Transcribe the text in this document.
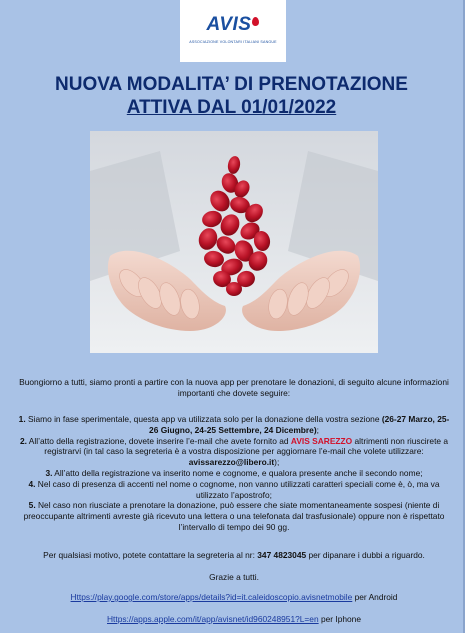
AVIS
ASSOCIAZIONE VOLONTARI ITALIANI SANGUE
NUOVA MODALITA’ DI PRENOTAZIONE
ATTIVA DAL 01/01/2022
Buongiorno a tutti, siamo pronti a partire con la nuova app per prenotare le donazioni, di seguito alcune informazioni importanti che dovete seguire:
1. Siamo in fase sperimentale, questa app va utilizzata solo per la donazione della vostra sezione (26-27 Marzo, 25-26 Giugno, 24-25 Settembre, 24 Dicembre);
2. All’atto della registrazione, dovete inserire l’e-mail che avete fornito ad AVIS SAREZZO altrimenti non riuscirete a registrarvi (in tal caso la segreteria è a vostra disposizione per aggiornare l’e-mail che volete utilizzare: avissarezzo@libero.it);
3. All’atto della registrazione va inserito nome e cognome, e qualora presente anche il secondo nome;
4. Nel caso di presenza di accenti nel nome o cognome, non vanno utilizzati caratteri speciali come è, ò, ma va utilizzato l’apostrofo;
5. Nel caso non riusciate a prenotare la donazione, può essere che siate momentaneamente sospesi (niente di preoccupante altrimenti avreste già ricevuto una lettera o una telefonata dal trasfusionale) oppure non è rispettato l’intervallo di tempo dei 90 gg.
Per qualsiasi motivo, potete contattare la segreteria al nr: 347 4823045 per dipanare i dubbi a riguardo.
Grazie a tutti.
Https://play.google.com/store/apps/details?id=it.caleidoscopio.avisnetmobile per Android
Https://apps.apple.com/it/app/avisnet/id960248951?L=en per Iphone
